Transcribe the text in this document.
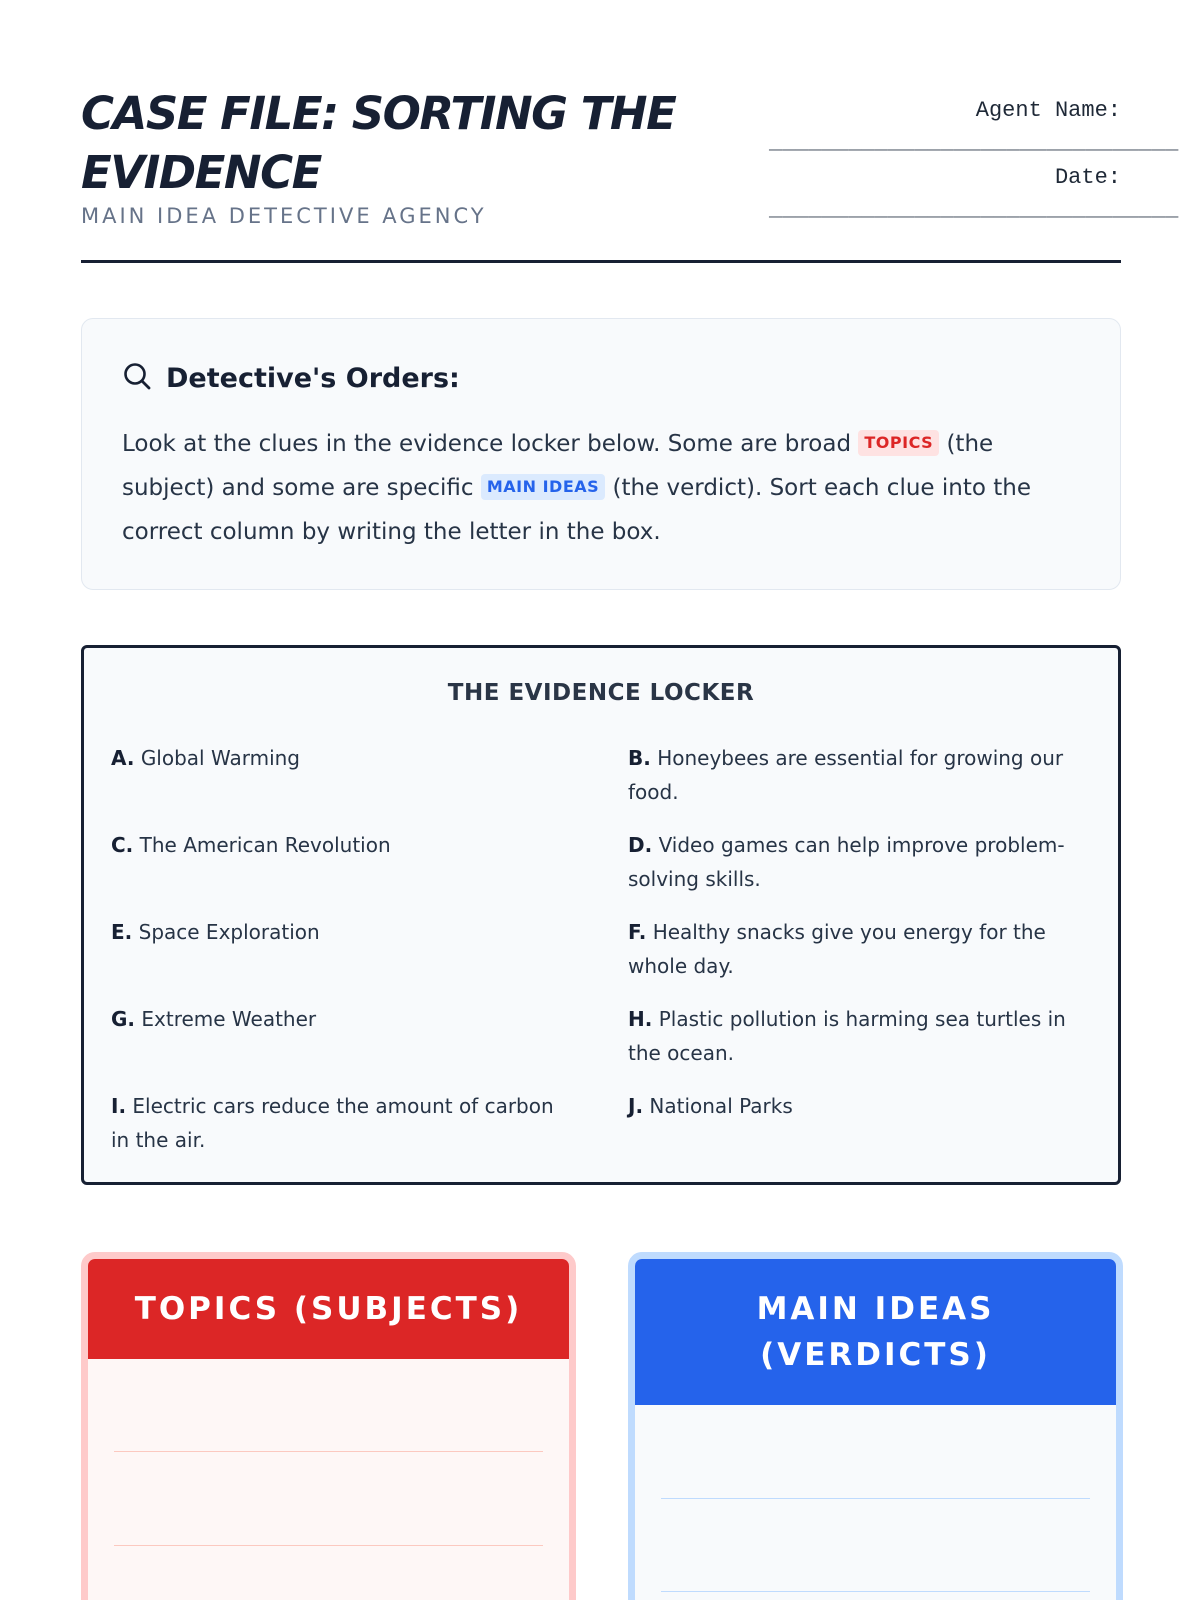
CASE FILE: SORTING THE EVIDENCE
MAIN IDEA DETECTIVE AGENCY
Agent Name:
_______________________________
Date:
_______________________________
Detective's Orders:

Look at the clues in the evidence locker below. Some are broad TOPICS (the subject) and some are specific MAIN IDEAS (the verdict). Sort each clue into the correct column by writing the letter in the box.

THE EVIDENCE LOCKER
A. Global Warming	B. Honeybees are essential for growing our food.
C. The American Revolution	D. Video games can help improve problem-solving skills.
E. Space Exploration	F. Healthy snacks give you energy for the whole day.
G. Extreme Weather	H. Plastic pollution is harming sea turtles in the ocean.
I. Electric cars reduce the amount of carbon in the air.
J. National Parks
TOPICS (SUBJECTS)	MAIN IDEAS (VERDICTS)
